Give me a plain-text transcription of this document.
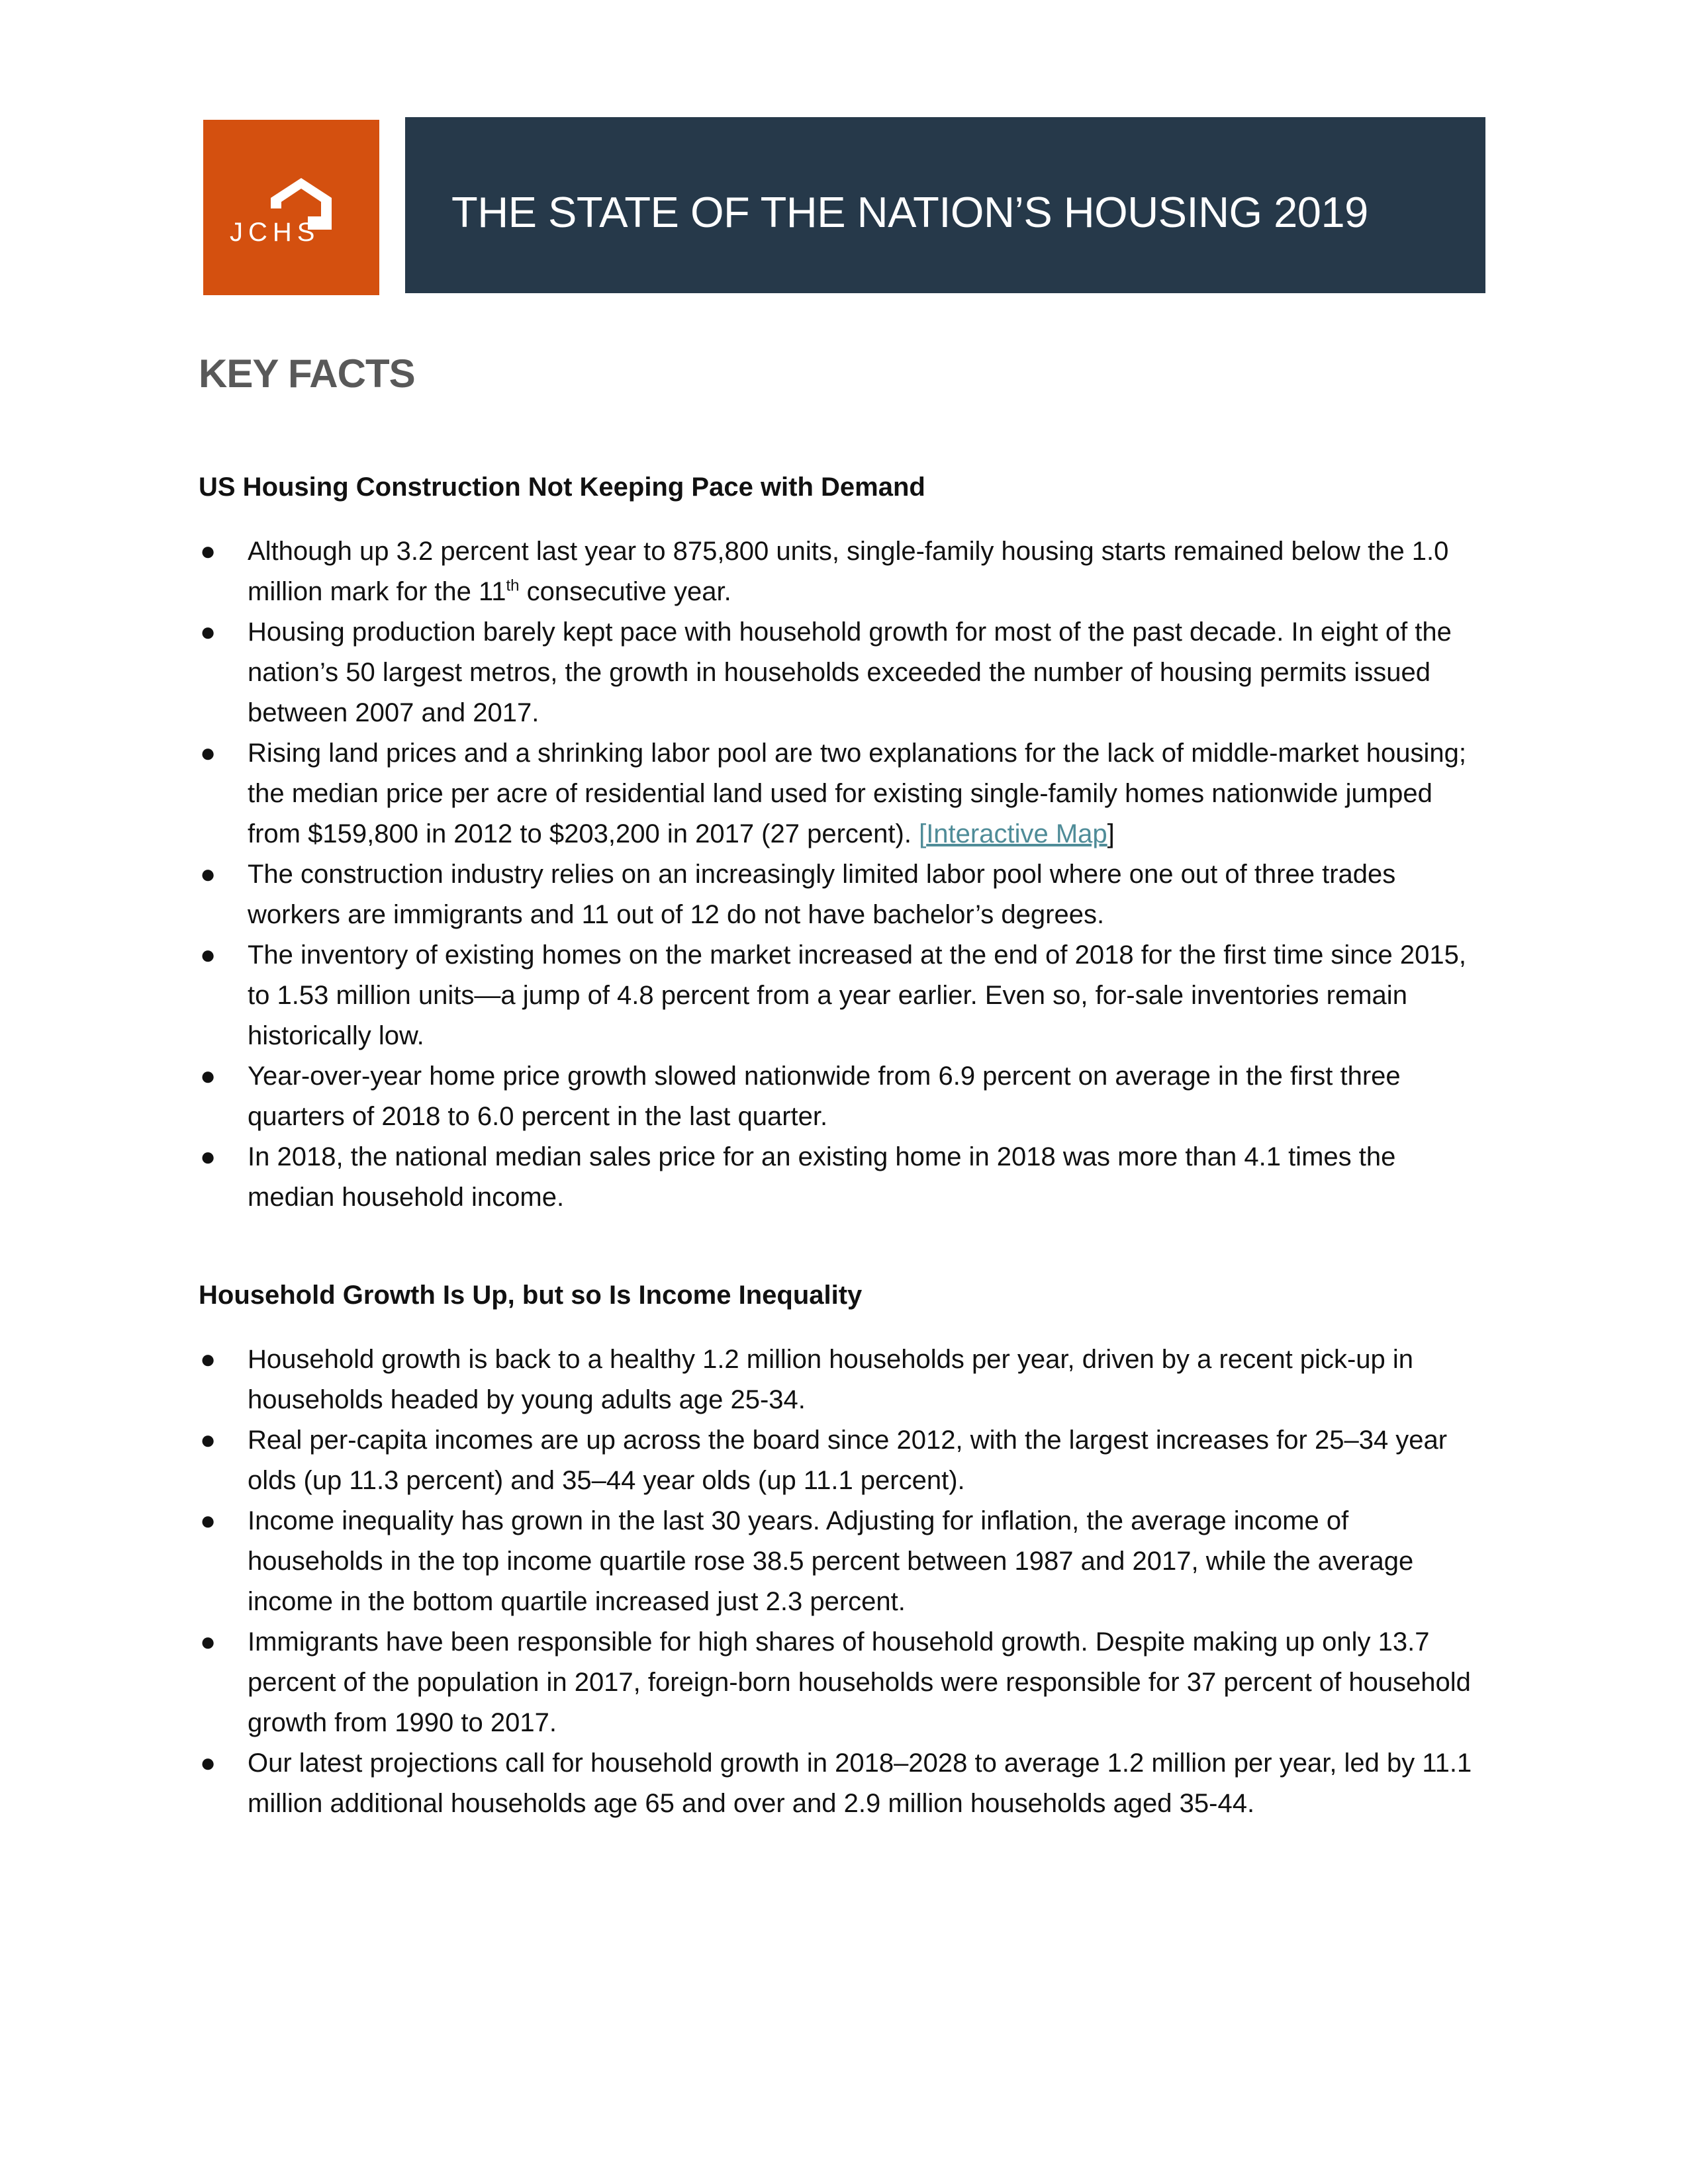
JCHS	THE STATE OF THE NATION’S HOUSING 2019
KEY FACTS
US Housing Construction Not Keeping Pace with Demand
● Although up 3.2 percent last year to 875,800 units, single-family housing starts remained below the 1.0 million mark for the 11th consecutive year.
● Housing production barely kept pace with household growth for most of the past decade. In eight of the nation’s 50 largest metros, the growth in households exceeded the number of housing permits issued between 2007 and 2017.
● Rising land prices and a shrinking labor pool are two explanations for the lack of middle-market housing; the median price per acre of residential land used for existing single-family homes nationwide jumped from $159,800 in 2012 to $203,200 in 2017 (27 percent). [Interactive Map]
● The construction industry relies on an increasingly limited labor pool where one out of three trades workers are immigrants and 11 out of 12 do not have bachelor’s degrees.
● The inventory of existing homes on the market increased at the end of 2018 for the first time since 2015, to 1.53 million units—a jump of 4.8 percent from a year earlier. Even so, for-sale inventories remain historically low.
● Year-over-year home price growth slowed nationwide from 6.9 percent on average in the first three quarters of 2018 to 6.0 percent in the last quarter.
● In 2018, the national median sales price for an existing home in 2018 was more than 4.1 times the median household income.
Household Growth Is Up, but so Is Income Inequality
● Household growth is back to a healthy 1.2 million households per year, driven by a recent pick-up in households headed by young adults age 25-34.
● Real per-capita incomes are up across the board since 2012, with the largest increases for 25–34 year olds (up 11.3 percent) and 35–44 year olds (up 11.1 percent).
● Income inequality has grown in the last 30 years. Adjusting for inflation, the average income of households in the top income quartile rose 38.5 percent between 1987 and 2017, while the average income in the bottom quartile increased just 2.3 percent.
● Immigrants have been responsible for high shares of household growth. Despite making up only 13.7 percent of the population in 2017, foreign-born households were responsible for 37 percent of household growth from 1990 to 2017.
● Our latest projections call for household growth in 2018–2028 to average 1.2 million per year, led by 11.1 million additional households age 65 and over and 2.9 million households aged 35-44.
